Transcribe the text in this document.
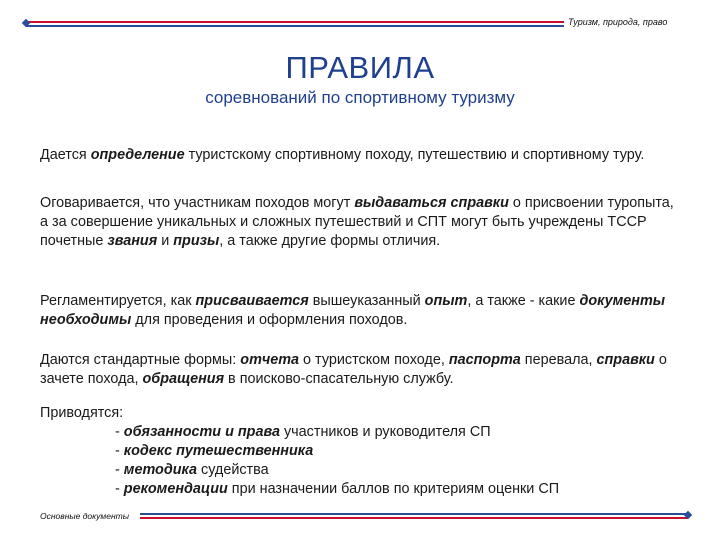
Туризм, природа, право
ПРАВИЛА
соревнований по спортивному туризму
Дается определение туристскому спортивному походу, путешествию и спортивному туру.
Оговаривается, что участникам походов могут выдаваться справки о присвоении туропыта, а за совершение уникальных и сложных путешествий и СПТ могут быть учреждены ТССР почетные звания и призы, а также другие формы отличия.
Регламентируется, как присваивается вышеуказанный опыт, а также - какие документы необходимы для проведения и оформления походов.
Даются стандартные формы: отчета о туристском походе, паспорта перевала, справки о зачете похода, обращения в поисково-спасательную службу.
Приводятся:
- обязанности и права участников и руководителя СП
- кодекс путешественника
- методика судейства
- рекомендации при назначении баллов по критериям оценки СП
Основные документы
